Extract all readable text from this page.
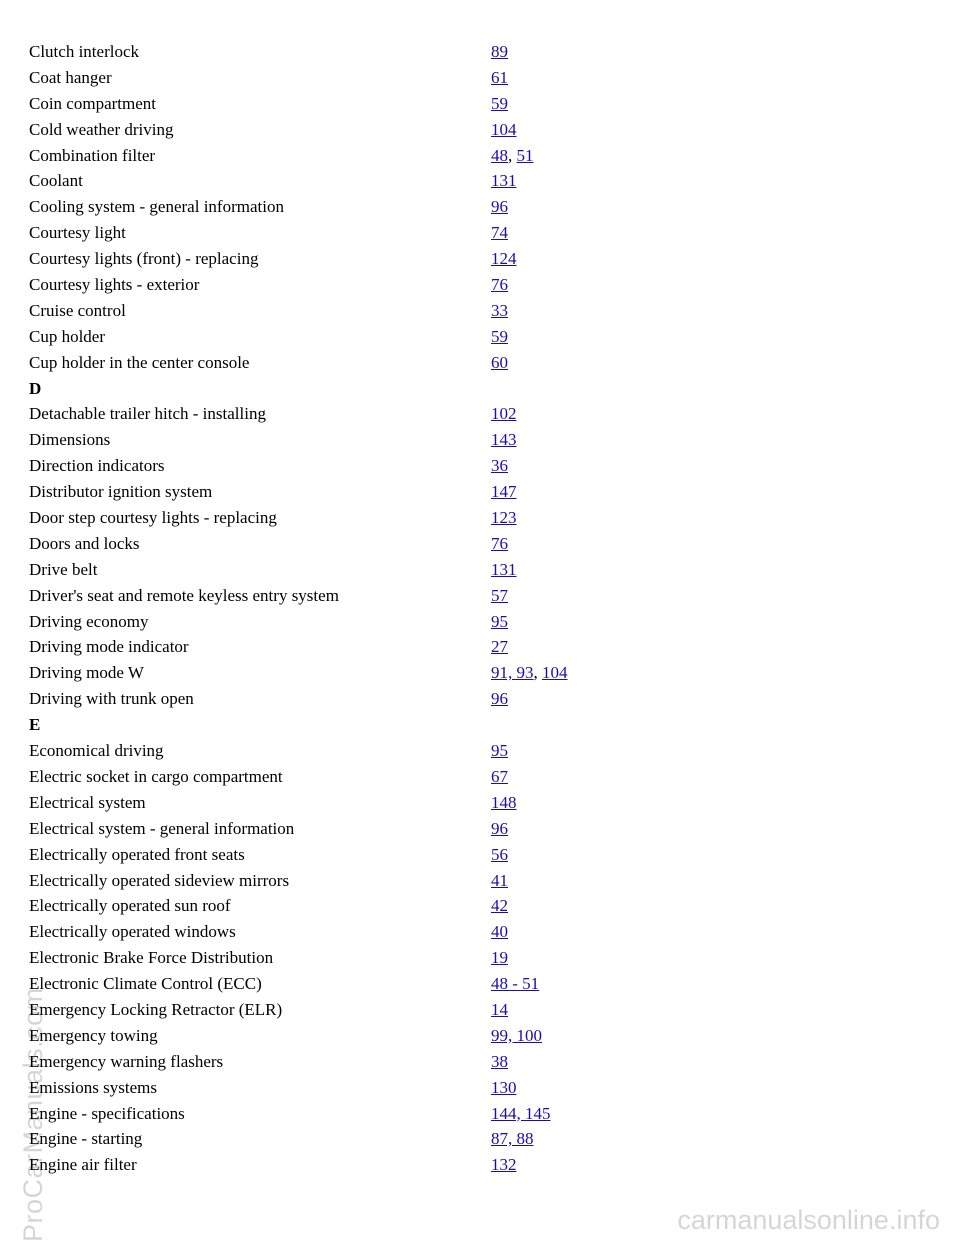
Clutch interlock	89
Coat hanger	61
Coin compartment	59
Cold weather driving	104
Combination filter	48, 51
Coolant	131
Cooling system - general information	96
Courtesy light	74
Courtesy lights (front) - replacing	124
Courtesy lights - exterior	76
Cruise control	33
Cup holder	59
Cup holder in the center console	60
D
Detachable trailer hitch - installing	102
Dimensions	143
Direction indicators	36
Distributor ignition system	147
Door step courtesy lights - replacing	123
Doors and locks	76
Drive belt	131
Driver's seat and remote keyless entry system	57
Driving economy	95
Driving mode indicator	27
Driving mode W	91, 93, 104
Driving with trunk open	96
E
Economical driving	95
Electric socket in cargo compartment	67
Electrical system	148
Electrical system - general information	96
Electrically operated front seats	56
Electrically operated sideview mirrors	41
Electrically operated sun roof	42
Electrically operated windows	40
Electronic Brake Force Distribution	19
Electronic Climate Control (ECC)	48 - 51
Emergency Locking Retractor (ELR)	14
Emergency towing	99, 100
Emergency warning flashers	38
Emissions systems	130
Engine - specifications	144, 145
Engine - starting	87, 88
Engine air filter	132
ProCarManuals.com	carmanualsonline.info
